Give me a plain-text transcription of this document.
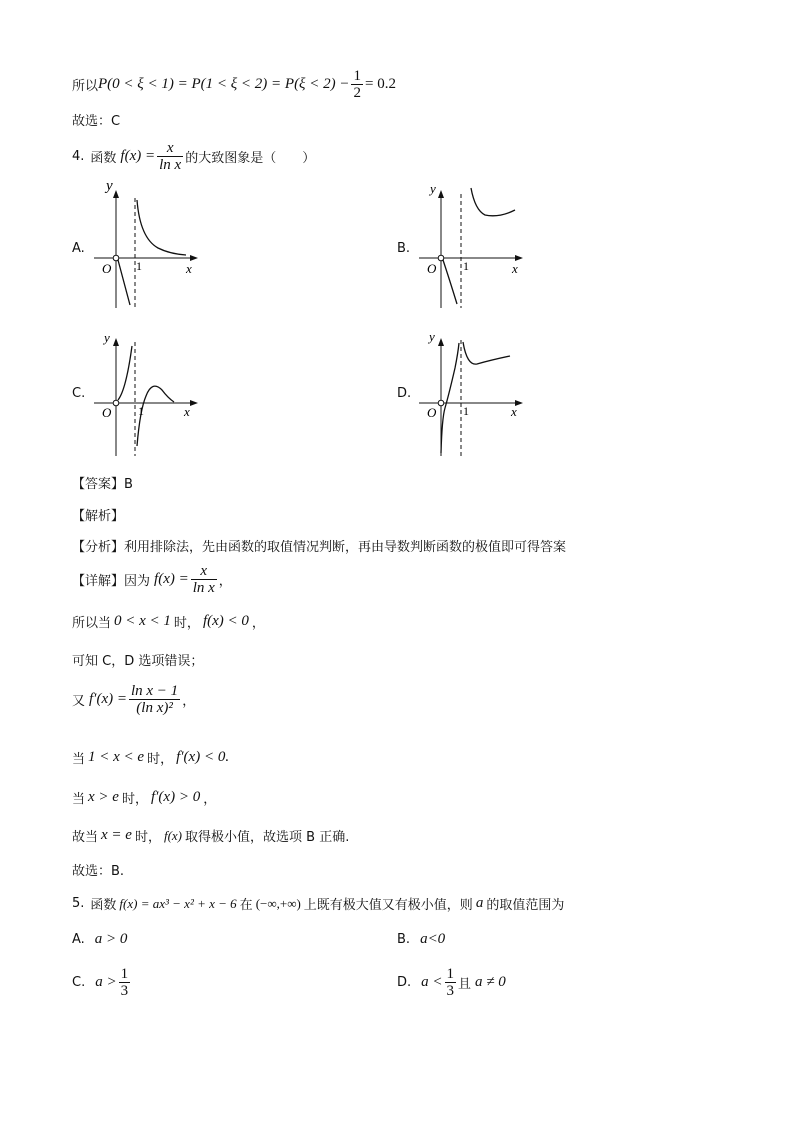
所以 $P(0 < \xi < 1) = P(1 < \xi < 2) = P(\xi < 2) - \frac{1}{2} = 0.2$
故选：C
4. 函数 $f(x) = \frac{x}{\text{ln x}}$ 的大致图象是（　　）
A.	B.
C.	D.
y
x
O 1
y
x
O 1
y
x
O 1
y
x
O 1
【答案】B
【解析】
【分析】 利用排除法，先由函数的取值情况判断，再由导数判断函数的极值即可得答案
【详解】 因为 $f(x) = \frac{x}{\text{ln x}}$ ，
所以当 0 < x < 1 时， f(x) < 0 ，
可知 C，D 选项错误；
又 $f'(x) = \frac{\text{ln x − 1}}{\text{(ln x)²}}$ ，
当 1 < x < e 时， f′(x) < 0.
当 x > e 时， f′(x) > 0 ，
故当 x = e 时， f(x) 取得极小值，故选项 B 正确.
故选：B.
5. 函数 f(x) = ax³ − x² + x − 6 在 (−∞,+∞) 上既有极大值又有极小值，则 a 的取值范围为
A. a > 0	B. a<0
C. $a > \frac{1}{3}$	D. $a < \frac{1}{3}$ 且 a ≠ 0
